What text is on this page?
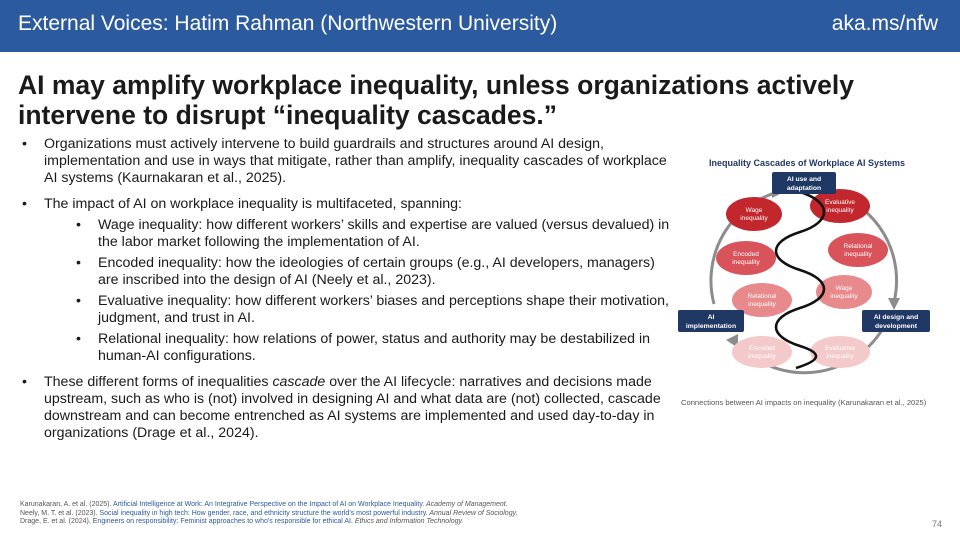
External Voices: Hatim Rahman (Northwestern University)	aka.ms/nfw
AI may amplify workplace inequality, unless organizations actively intervene to disrupt “inequality cascades.”
• Organizations must actively intervene to build guardrails and structures around AI design, implementation and use in ways that mitigate, rather than amplify, inequality cascades of workplace AI systems (Kaurnakaran et al., 2025).
• The impact of AI on workplace inequality is multifaceted, spanning:
• Wage inequality: how different workers’ skills and expertise are valued (versus devalued) in the labor market following the implementation of AI.
• Encoded inequality: how the ideologies of certain groups (e.g., AI developers, managers) are inscribed into the design of AI (Neely et al., 2023).
• Evaluative inequality: how different workers’ biases and perceptions shape their motivation, judgment, and trust in AI.
• Relational inequality: how relations of power, status and authority may be destabilized in human-AI configurations.
• These different forms of inequalities cascade over the AI lifecycle: narratives and decisions made upstream, such as who is (not) involved in designing AI and what data are (not) collected, cascade downstream and can become entrenched as AI systems are implemented and used day-to-day in organizations (Drage et al., 2024).
Inequality Cascades of Workplace AI Systems
Wage
inequality
Evaluative
inequality
Encoded
inequality
Relational
inequality
Relational
inequality
Wage
inequality
Encoded
inequality
Evaluative
inequality
AI use and
adaptation
AI
implementation
AI design and
development
Connections between AI impacts on inequality (Karunakaran et al., 2025)
Karunakaran, A. et al. (2025). Artificial Intelligence at Work: An Integrative Perspective on the Impact of AI on Workplace Inequality. Academy of Management.
Neely, M. T. et al. (2023). Social inequality in high tech: How gender, race, and ethnicity structure the world’s most powerful industry. Annual Review of Sociology.
Drage, E. et al. (2024). Engineers on responsibility: Feminist approaches to who’s responsible for ethical AI. Ethics and Information Technology.	74
